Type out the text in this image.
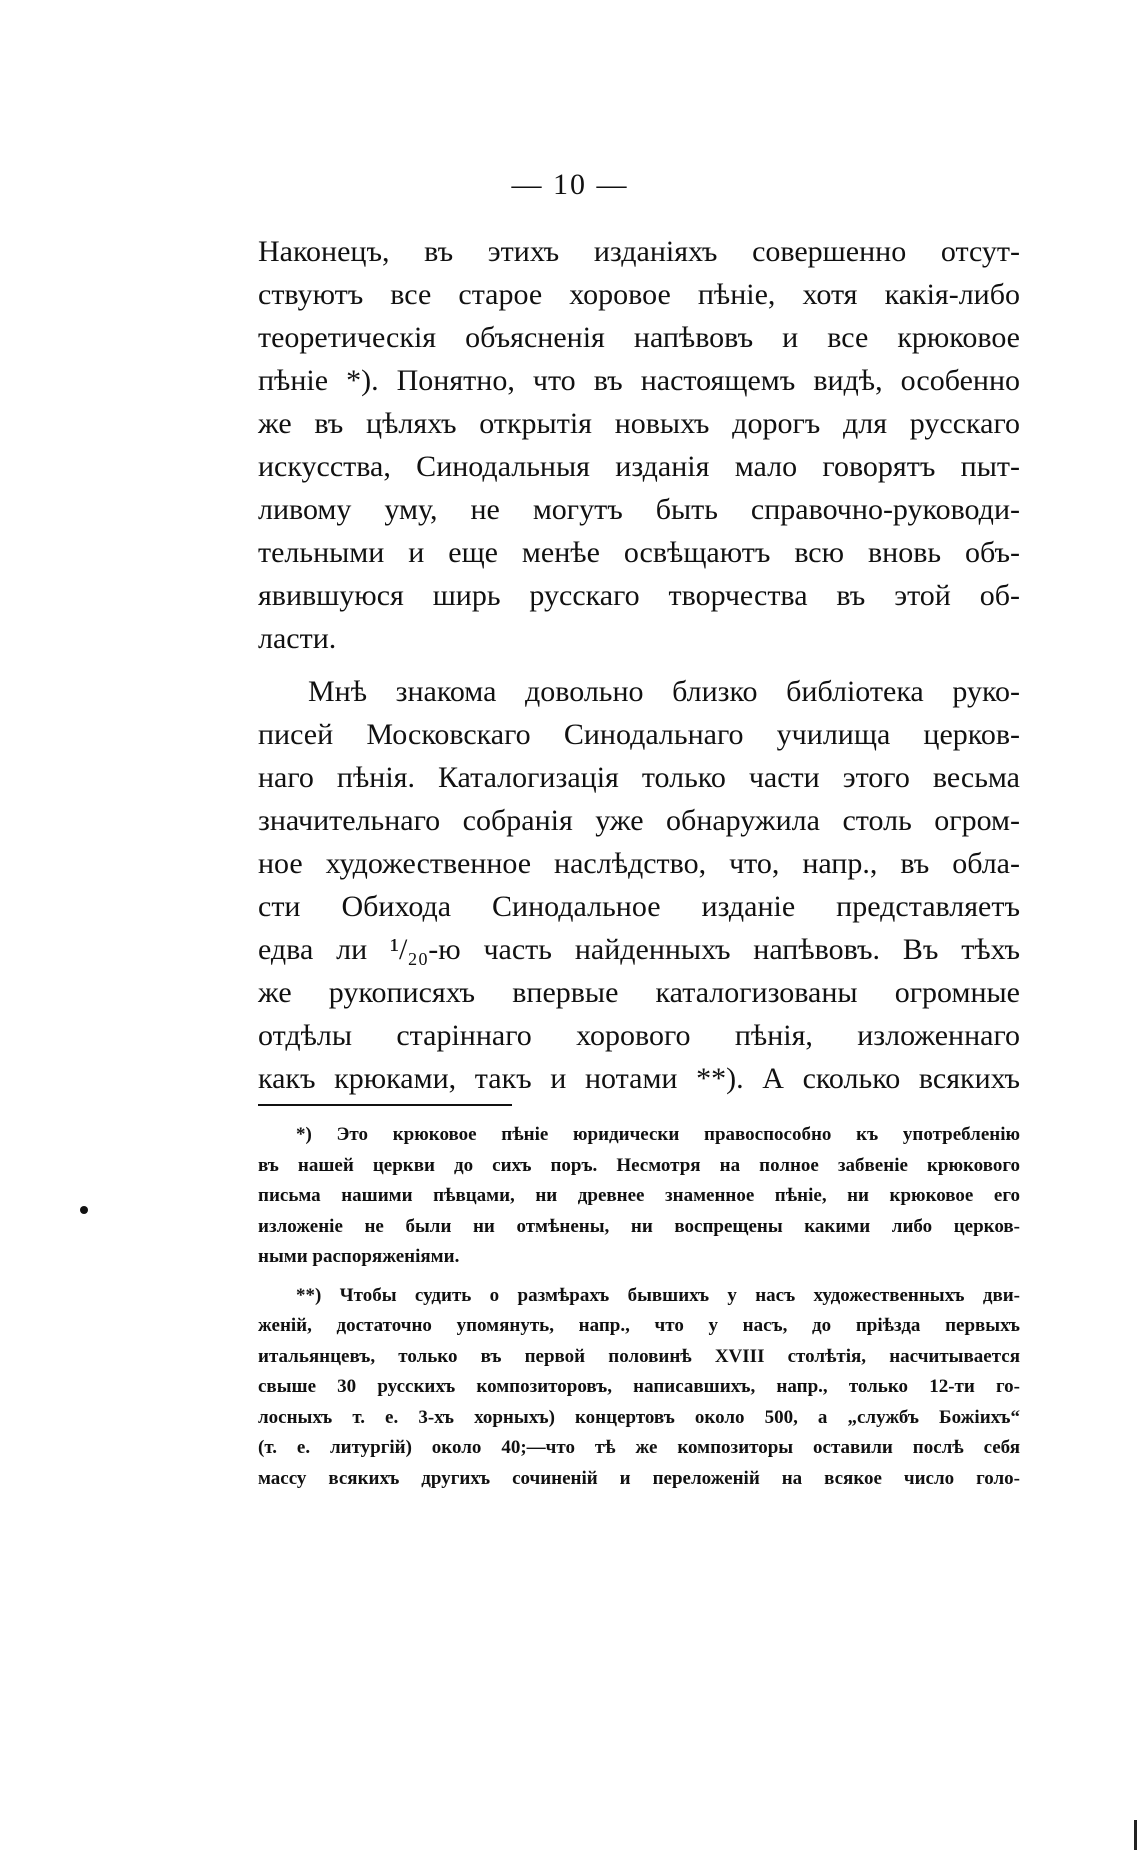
— 10 —
Наконецъ, въ этихъ изданіяхъ совершенно отсут-
ствуютъ все старое хоровое пѣніе, хотя какія-либо
теоретическія объясненія напѣвовъ и все крюковое
пѣніе *). Понятно, что въ настоящемъ видѣ, особенно
же въ цѣляхъ открытія новыхъ дорогъ для русскаго
искусства, Синодальныя изданія мало говорятъ пыт-
ливому уму, не могутъ быть справочно-руководи-
тельными и еще менѣе освѣщаютъ всю вновь объ-
явившуюся ширь русскаго творчества въ этой об-
ласти.
Мнѣ знакома довольно близко библіотека руко-
писей Московскаго Синодальнаго училища церков-
наго пѣнія. Каталогизація только части этого весьма
значительнаго собранія уже обнаружила столь огром-
ное художественное наслѣдство, что, напр., въ обла-
сти Обихода Синодальное изданіе представляетъ
едва ли ¹/₂₀-ю часть найденныхъ напѣвовъ. Въ тѣхъ
же рукописяхъ впервые каталогизованы огромные
отдѣлы старiннаго хорового пѣнія, изложеннаго
какъ крюками, такъ и нотами **). А сколько всякихъ
*) Это крюковое пѣніе юридически правоспособно къ употребленію
въ нашей церкви до сихъ поръ. Несмотря на полное забвеніе крюкового
письма нашими пѣвцами, ни древнее знаменное пѣніе, ни крюковое его
изложеніе не были ни отмѣнены, ни воспрещены какими либо церков-
ными распоряженіями.
**) Чтобы судить о размѣрахъ бывшихъ у насъ художественныхъ дви-
женій, достаточно упомянуть, напр., что у насъ, до пріѣзда первыхъ
итальянцевъ, только въ первой половинѣ XVIII столѣтія, насчитывается
свыше 30 русскихъ композиторовъ, написавшихъ, напр., только 12-ти го-
лосныхъ т. е. 3-хъ хорныхъ) концертовъ около 500, а „службъ Божіихъ“
(т. е. литургій) около 40;—что тѣ же композиторы оставили послѣ себя
массу всякихъ другихъ сочиненій и переложеній на всякое число голо-
